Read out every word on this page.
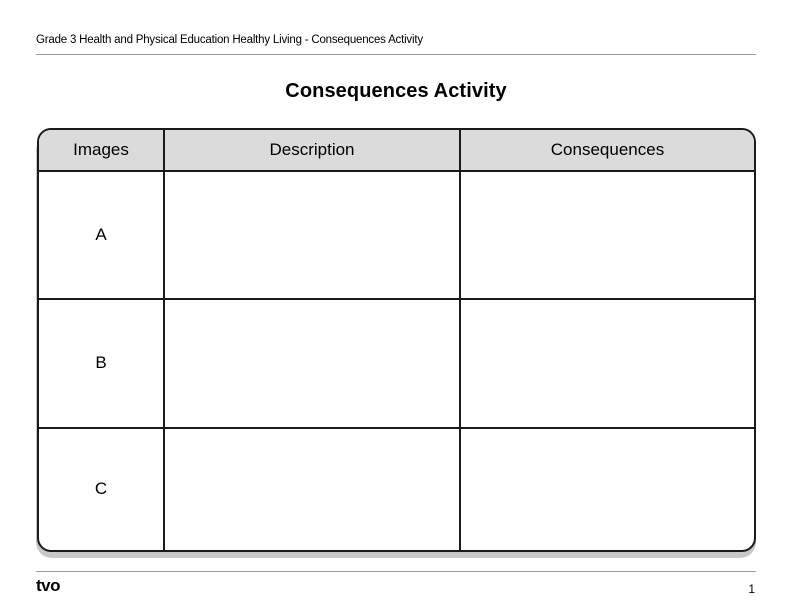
Grade 3 Health and Physical Education Healthy Living - Consequences Activity
Consequences Activity
Images	Description	Consequences
A		
B		
C		
tvo	1
